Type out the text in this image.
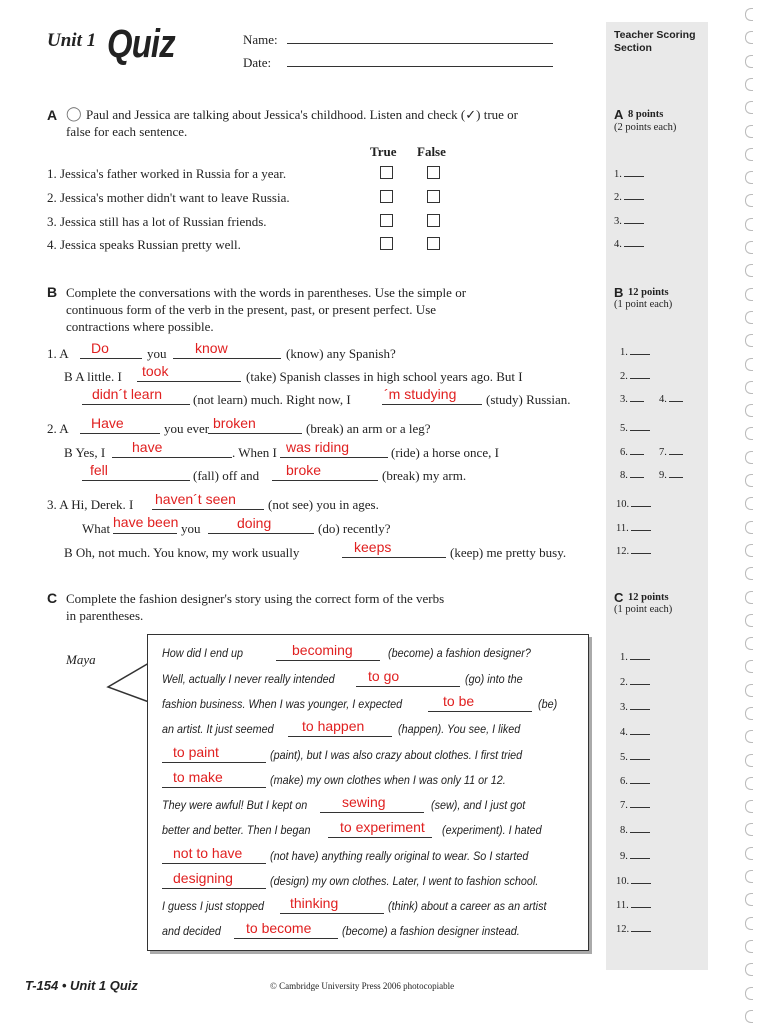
Unit 1 Quiz	Name:
Date:
Teacher Scoring Section
A ◯ Paul and Jessica are talking about Jessica's childhood. Listen and check (✓) true or
false for each sentence.
True False
1. Jessica's father worked in Russia for a year.
2. Jessica's mother didn't want to leave Russia.
3. Jessica still has a lot of Russian friends.
4. Jessica speaks Russian pretty well.
A 8 points
(2 points each)
1.
2.
3.
4.
B Complete the conversations with the words in parentheses. Use the simple or
continuous form of the verb in the present, past, or present perfect. Use
contractions where possible.
1. A Do	you know	(know) any Spanish?
B A little. I took	(take) Spanish classes in high school years ago. But I
didn´t learn (not learn) much. Right now, I ´m studying (study) Russian.
2. A Have	you ever broken	(break) an arm or a leg?
B Yes, I have	. When I was riding	(ride) a horse once, I
fell	(fall) off and broke	(break) my arm.
3. A Hi, Derek. I haven´t seen (not see) you in ages.
What have been you	doing	(do) recently?
B Oh, not much. You know, my work usually	keeps	(keep) me pretty busy.
B 12 points
(1 point each)
1.
2.
3.	4.
5.
6.	7.
8.	9.
10.
11.
12.
C Complete the fashion designer's story using the correct form of the verbs
in parentheses.
Maya	How did I end up	becoming	(become) a fashion designer?
Well, actually I never really intended to go	(go) into the
fashion business. When I was younger, I expected	to be	(be)
an artist. It just seemed to happen	(happen). You see, I liked
to paint	(paint), but I was also crazy about clothes. I first tried
to make	(make) my own clothes when I was only 11 or 12.
They were awful! But I kept on sewing	(sew), and I just got
better and better. Then I began to experiment (experiment). I hated
not to have (not have) anything really original to wear. So I started
designing	(design) my own clothes. Later, I went to fashion school.
I guess I just stopped thinking	(think) about a career as an artist
and decided to become	(become) a fashion designer instead.
C 12 points
(1 point each)
1.
2.
3.
4.
5.
6.
7.
8.
9.
10.
11.
12.
T-154 • Unit 1 Quiz	© Cambridge University Press 2006 photocopiable
